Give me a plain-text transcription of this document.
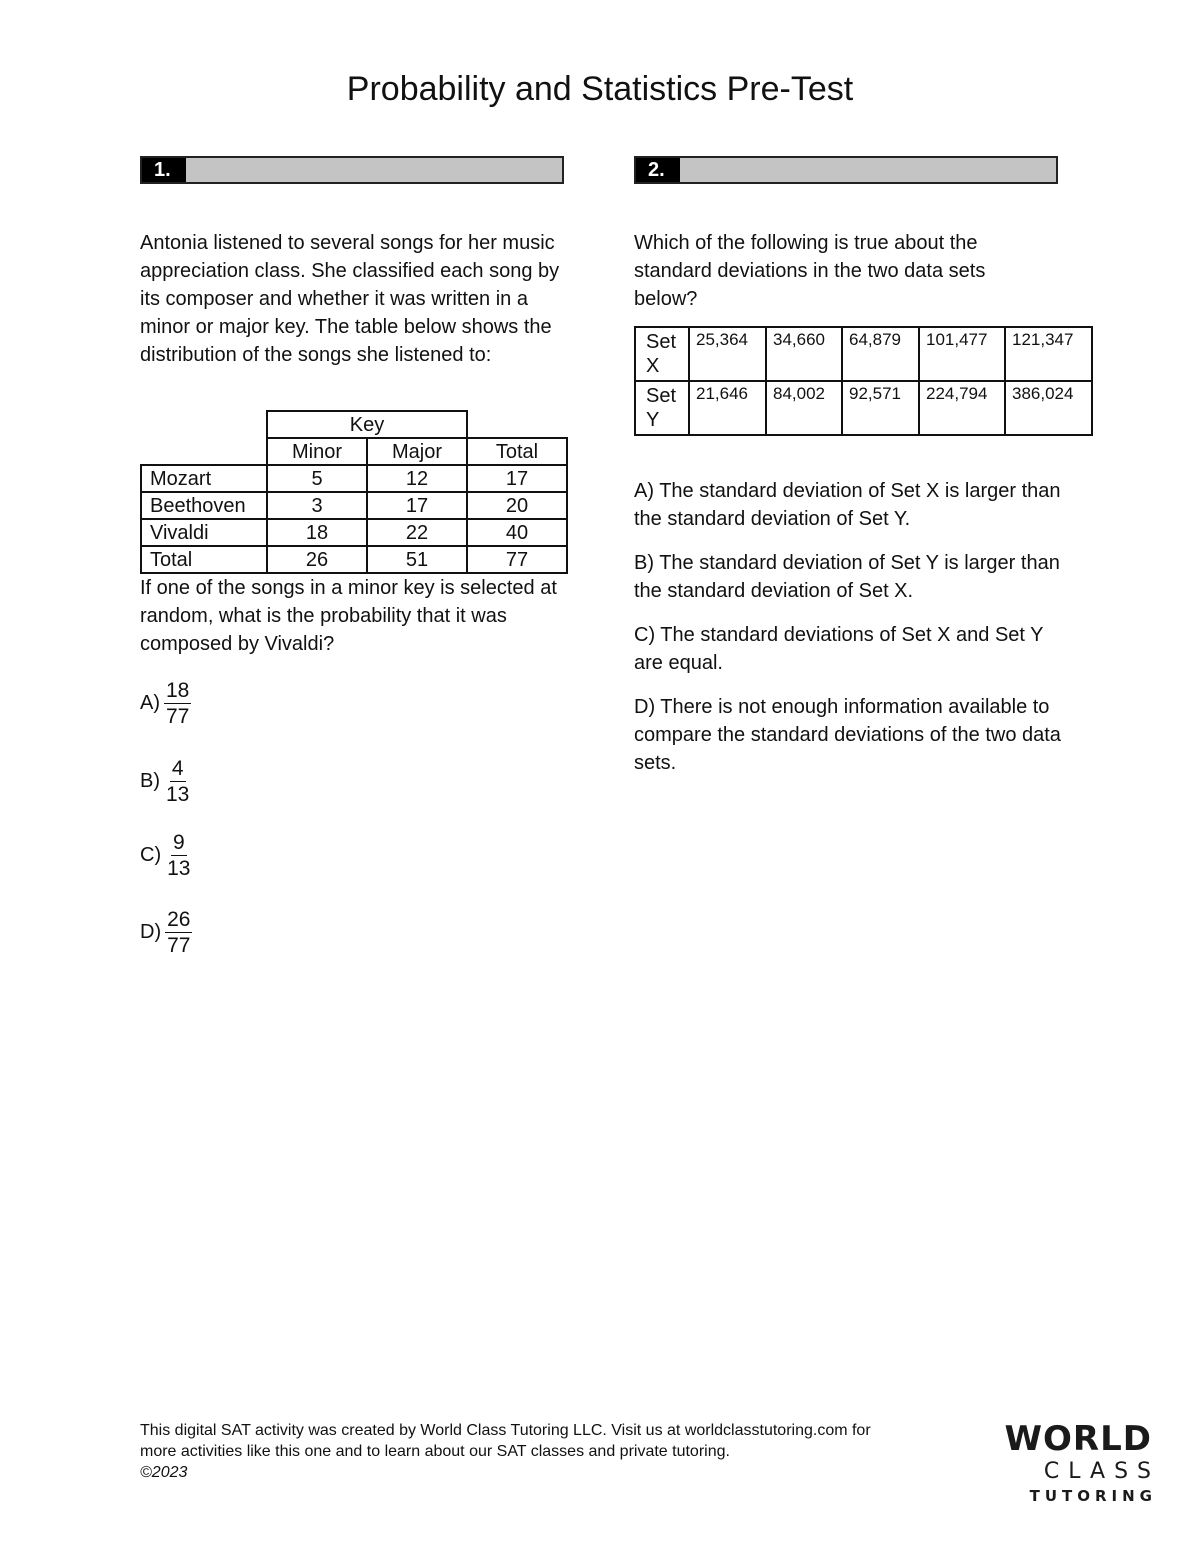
Probability and Statistics Pre-Test
1.

Antonia listened to several songs for her music appreciation class. She classified each song by its composer and whether it was written in a minor or major key. The table below shows the distribution of the songs she listened to:

	Key		
	Minor	Major	Total
Mozart	5	12	17
Beethoven	3	17	20
Vivaldi	18	22	40
Total	26	51	77

If one of the songs in a minor key is selected at random, what is the probability that it was composed by Vivaldi?

$A) \frac{18}{77}$
$B) \frac{4}{13}$
$C) \frac{9}{13}$
$D) \frac{26}{77}$
2.

Which of the following is true about the standard deviations in the two data sets below?

Set X	25,364	34,660	64,879	101,477	121,347
Set Y	21,646	84,002	92,571	224,794	386,024

A) The standard deviation of Set X is larger than the standard deviation of Set Y.

B) The standard deviation of Set Y is larger than the standard deviation of Set X.

C) The standard deviations of Set X and Set Y are equal.

D) There is not enough information available to compare the standard deviations of the two data sets.

This digital SAT activity was created by World Class Tutoring LLC. Visit us at worldclasstutoring.com for
more activities like this one and to learn about our SAT classes and private tutoring.
©2023
WORLD
CLASS
TUTORING
